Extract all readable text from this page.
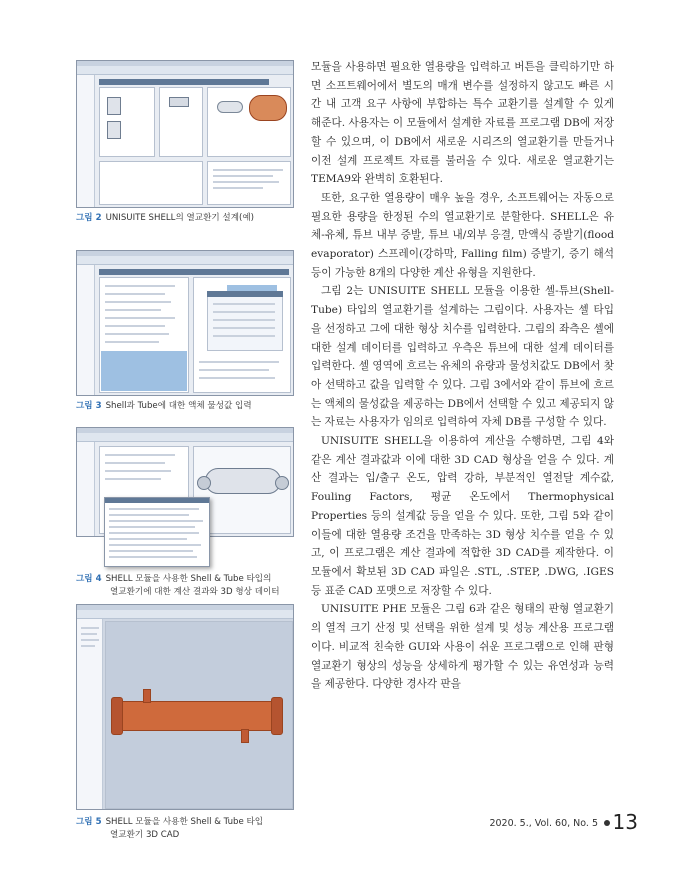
그림 2 UNISUITE SHELL의 열교환기 설계(예)
그림 3 Shell과 Tube에 대한 액체 물성값 입력
그림 4 SHELL 모듈을 사용한 Shell & Tube 타입의
열교환기에 대한 계산 결과와 3D 형상 데이터
그림 5 SHELL 모듈을 사용한 Shell & Tube 타입
열교환기 3D CAD

모듈을 사용하면 필요한 열용량을 입력하고 버튼을 클릭하기만 하면 소프트웨어에서 별도의 매개 변수를 설정하지 않고도 빠른 시간 내 고객 요구 사항에 부합하는 특수 교환기를 설계할 수 있게 해준다. 사용자는 이 모듈에서 설계한 자료를 프로그램 DB에 저장할 수 있으며, 이 DB에서 새로운 시리즈의 열교환기를 만들거나 이전 설계 프로젝트 자료를 불러올 수 있다. 새로운 열교환기는 TEMA9와 완벽히 호환된다.

또한, 요구한 열용량이 매우 높을 경우, 소프트웨어는 자동으로 필요한 용량을 한정된 수의 열교환기로 분할한다. SHELL은 유체-유체, 튜브 내부 증발, 튜브 내/외부 응결, 만액식 증발기(flood evaporator) 스프레이(강하막, Falling film) 증발기, 증기 해석 등이 가능한 8개의 다양한 계산 유형을 지원한다.

그림 2는 UNISUITE SHELL 모듈을 이용한 셸-튜브(Shell-Tube) 타입의 열교환기를 설계하는 그림이다. 사용자는 셸 타입을 선정하고 그에 대한 형상 치수를 입력한다. 그림의 좌측은 셸에 대한 설계 데이터를 입력하고 우측은 튜브에 대한 설계 데이터를 입력한다. 셸 영역에 흐르는 유체의 유량과 물성치값도 DB에서 찾아 선택하고 값을 입력할 수 있다. 그림 3에서와 같이 튜브에 흐르는 액체의 물성값을 제공하는 DB에서 선택할 수 있고 제공되지 않는 자료는 사용자가 임의로 입력하여 자체 DB를 구성할 수 있다.

UNISUITE SHELL을 이용하여 계산을 수행하면, 그림 4와 같은 계산 결과값과 이에 대한 3D CAD 형상을 얻을 수 있다. 계산 결과는 입/출구 온도, 압력 강하, 부분적인 열전달 계수값, Fouling Factors, 평균 온도에서 Thermophysical Properties 등의 설계값 등을 얻을 수 있다. 또한, 그림 5와 같이 이들에 대한 열용량 조건을 만족하는 3D 형상 치수를 얻을 수 있고, 이 프로그램은 계산 결과에 적합한 3D CAD를 제작한다. 이 모듈에서 확보된 3D CAD 파일은 .STL, .STEP, .DWG, .IGES 등 표준 CAD 포맷으로 저장할 수 있다.

UNISUITE PHE 모듈은 그림 6과 같은 형태의 판형 열교환기의 열적 크기 산정 및 선택을 위한 설계 및 성능 계산용 프로그램이다. 비교적 친숙한 GUI와 사용이 쉬운 프로그램으로 인해 판형 열교환기 형상의 성능을 상세하게 평가할 수 있는 유연성과 능력을 제공한다. 다양한 경사각 판을

2020. 5., Vol. 60, No. 5 13
